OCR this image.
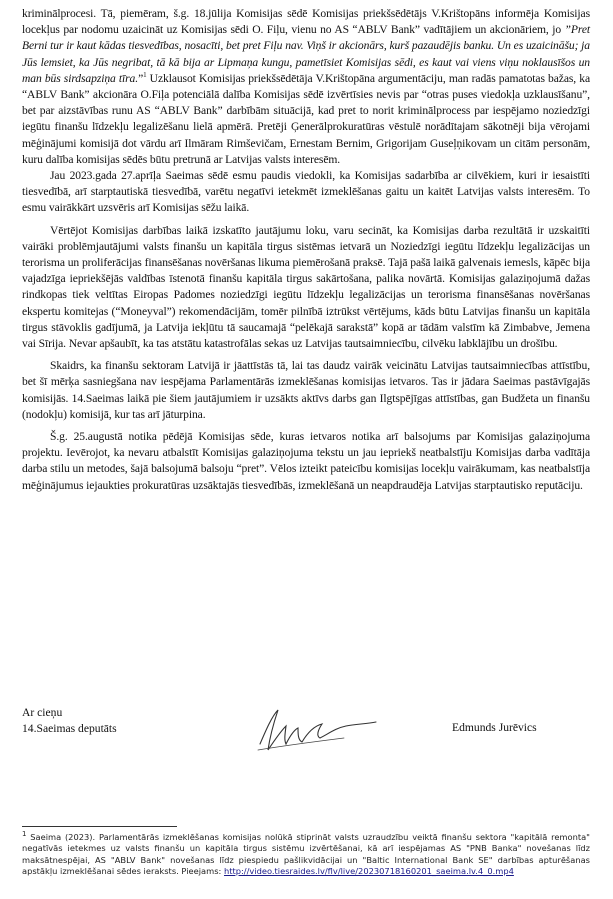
kriminālprocesi. Tā, piemēram, š.g. 18.jūlija Komisijas sēdē Komisijas priekšsēdētājs V.Krištopāns informēja Komisijas locekļus par nodomu uzaicināt uz Komisijas sēdi O. Fiļu, vienu no AS “ABLV Bank” vadītājiem un akcionāriem, jo ”Pret Berni tur ir kaut kādas tiesvedības, nosacīti, bet pret Fiļu nav. Viņš ir akcionārs, kurš pazaudējis banku. Un es uzaicināšu; ja Jūs lemsiet, ka Jūs negribat, tā kā bija ar Lipmaņa kungu, pametīsiet Komisijas sēdi, es kaut vai viens viņu noklausīšos un man būs sirdsapziņa tīra.”$^1$ Uzklausot Komisijas priekšsēdētāja V.Krištopāna argumentāciju, man radās pamatotas bažas, ka “ABLV Bank” akcionāra O.Fiļa potenciālā dalība Komisijas sēdē izvērtīsies nevis par “otras puses viedokļa uzklausīšanu”, bet par aizstāvības runu AS “ABLV Bank” darbībām situācijā, kad pret to norit kriminālprocess par iespējamo noziedzīgi iegūtu finanšu līdzekļu legalizēšanu lielā apmērā. Pretēji Ģenerālprokuratūras vēstulē norādītajam sākotnēji bija vērojami mēģinājumi komisijā dot vārdu arī Ilmāram Rimševičam, Ernestam Bernim, Grigorijam Guseļņikovam un citām personām, kuru dalība komisijas sēdēs būtu pretrunā ar Latvijas valsts interesēm.

Jau 2023.gada 27.aprīļa Saeimas sēdē esmu paudis viedokli, ka Komisijas sadarbība ar cilvēkiem, kuri ir iesaistīti tiesvedībā, arī starptautiskā tiesvedībā, varētu negatīvi ietekmēt izmeklēšanas gaitu un kaitēt Latvijas valsts interesēm. To esmu vairākkārt uzsvēris arī Komisijas sēžu laikā.

Vērtējot Komisijas darbības laikā izskatīto jautājumu loku, varu secināt, ka Komisijas darba rezultātā ir uzskaitīti vairāki problēmjautājumi valsts finanšu un kapitāla tirgus sistēmas ietvarā un Noziedzīgi iegūtu līdzekļu legalizācijas un terorisma un proliferācijas finansēšanas novēršanas likuma piemērošanā praksē. Tajā pašā laikā galvenais iemesls, kāpēc bija vajadzīga iepriekšējās valdības īstenotā finanšu kapitāla tirgus sakārtošana, palika novārtā. Komisijas galaziņojumā dažas rindkopas tiek veltītas Eiropas Padomes noziedzīgi iegūtu līdzekļu legalizācijas un terorisma finansēšanas novēršanas ekspertu komitejas (“Moneyval”) rekomendācijām, tomēr pilnībā iztrūkst vērtējums, kāds būtu Latvijas finanšu un kapitāla tirgus stāvoklis gadījumā, ja Latvija iekļūtu tā saucamajā “pelēkajā sarakstā” kopā ar tādām valstīm kā Zimbabve, Jemena vai Sīrija. Nevar apšaubīt, ka tas atstātu katastrofālas sekas uz Latvijas tautsaimniecību, cilvēku labklājību un drošību.

Skaidrs, ka finanšu sektoram Latvijā ir jāattīstās tā, lai tas daudz vairāk veicinātu Latvijas tautsaimniecības attīstību, bet šī mērķa sasniegšana nav iespējama Parlamentārās izmeklēšanas komisijas ietvaros. Tas ir jādara Saeimas pastāvīgajās komisijās. 14.Saeimas laikā pie šiem jautājumiem ir uzsākts aktīvs darbs gan Ilgtspējīgas attīstības, gan Budžeta un finanšu (nodokļu) komisijā, kur tas arī jāturpina.

Š.g. 25.augustā notika pēdējā Komisijas sēde, kuras ietvaros notika arī balsojums par Komisijas galaziņojuma projektu. Ievērojot, ka nevaru atbalstīt Komisijas galaziņojuma tekstu un jau iepriekš neatbalstīju Komisijas darba vadītāja darba stilu un metodes, šajā balsojumā balsoju “pret”. Vēlos izteikt pateicību komisijas locekļu vairākumam, kas neatbalstīja mēģinājumus iejaukties prokuratūras uzsāktajās tiesvedībās, izmeklēšanā un neapdraudēja Latvijas starptautisko reputāciju.

Ar cieņu
14.Saeimas deputāts	Edmunds Jurēvics
$^1$ Saeima (2023). Parlamentārās izmeklēšanas komisijas nolūkā stiprināt valsts uzraudzību veiktā finanšu sektora "kapitālā remonta" negatīvās ietekmes uz valsts finanšu un kapitāla tirgus sistēmu izvērtēšanai, kā arī iespējamas AS "PNB Banka" novešanas līdz maksātnespējai, AS "ABLV Bank" novešanas līdz piespiedu pašlikvidācijai un "Baltic International Bank SE" darbības apturēšanas apstākļu izmeklēšanai sēdes ieraksts. Pieejams: http://video.tiesraides.lv/flv/live/20230718160201_saeima.lv.4_0.mp4
